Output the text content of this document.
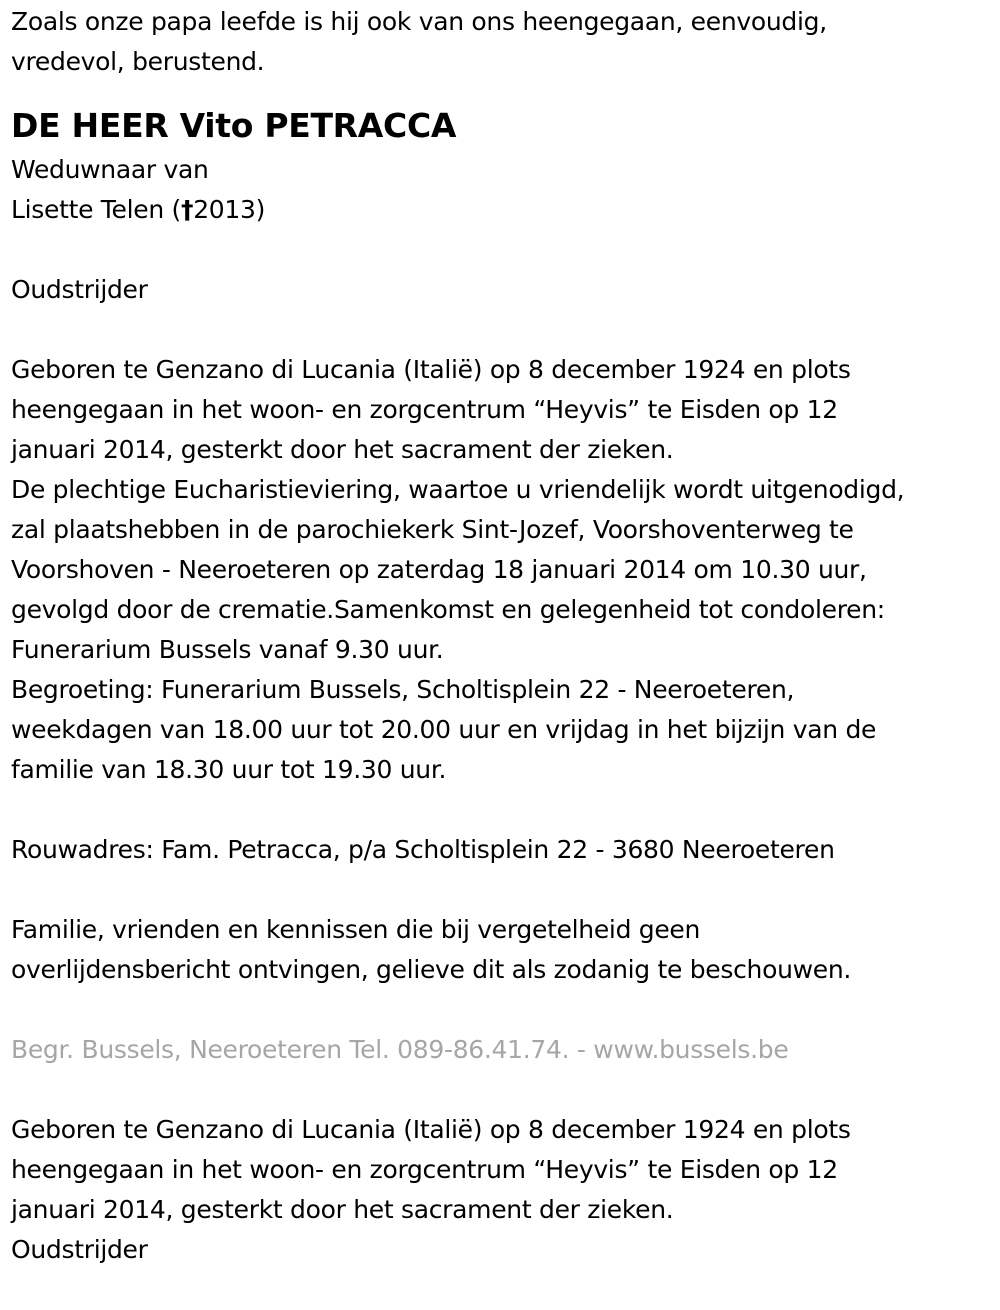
Zoals onze papa leefde is hij ook van ons heengegaan, eenvoudig,
vredevol, berustend.
DE HEER Vito PETRACCA
Weduwnaar van
Lisette Telen (†2013)
Oudstrijder
Geboren te Genzano di Lucania (Italië) op 8 december 1924 en plots
heengegaan in het woon- en zorgcentrum “Heyvis” te Eisden op 12
januari 2014, gesterkt door het sacrament der zieken.
De plechtige Eucharistieviering, waartoe u vriendelijk wordt uitgenodigd,
zal plaatshebben in de parochiekerk Sint-Jozef, Voorshoventerweg te
Voorshoven - Neeroeteren op zaterdag 18 januari 2014 om 10.30 uur,
gevolgd door de crematie.Samenkomst en gelegenheid tot condoleren:
Funerarium Bussels vanaf 9.30 uur.
Begroeting: Funerarium Bussels, Scholtisplein 22 - Neeroeteren,
weekdagen van 18.00 uur tot 20.00 uur en vrijdag in het bijzijn van de
familie van 18.30 uur tot 19.30 uur.
Rouwadres: Fam. Petracca, p/a Scholtisplein 22 - 3680 Neeroeteren
Familie, vrienden en kennissen die bij vergetelheid geen
overlijdensbericht ontvingen, gelieve dit als zodanig te beschouwen.
Begr. Bussels, Neeroeteren Tel. 089-86.41.74. - www.bussels.be
Geboren te Genzano di Lucania (Italië) op 8 december 1924 en plots
heengegaan in het woon- en zorgcentrum “Heyvis” te Eisden op 12
januari 2014, gesterkt door het sacrament der zieken.
Oudstrijder
